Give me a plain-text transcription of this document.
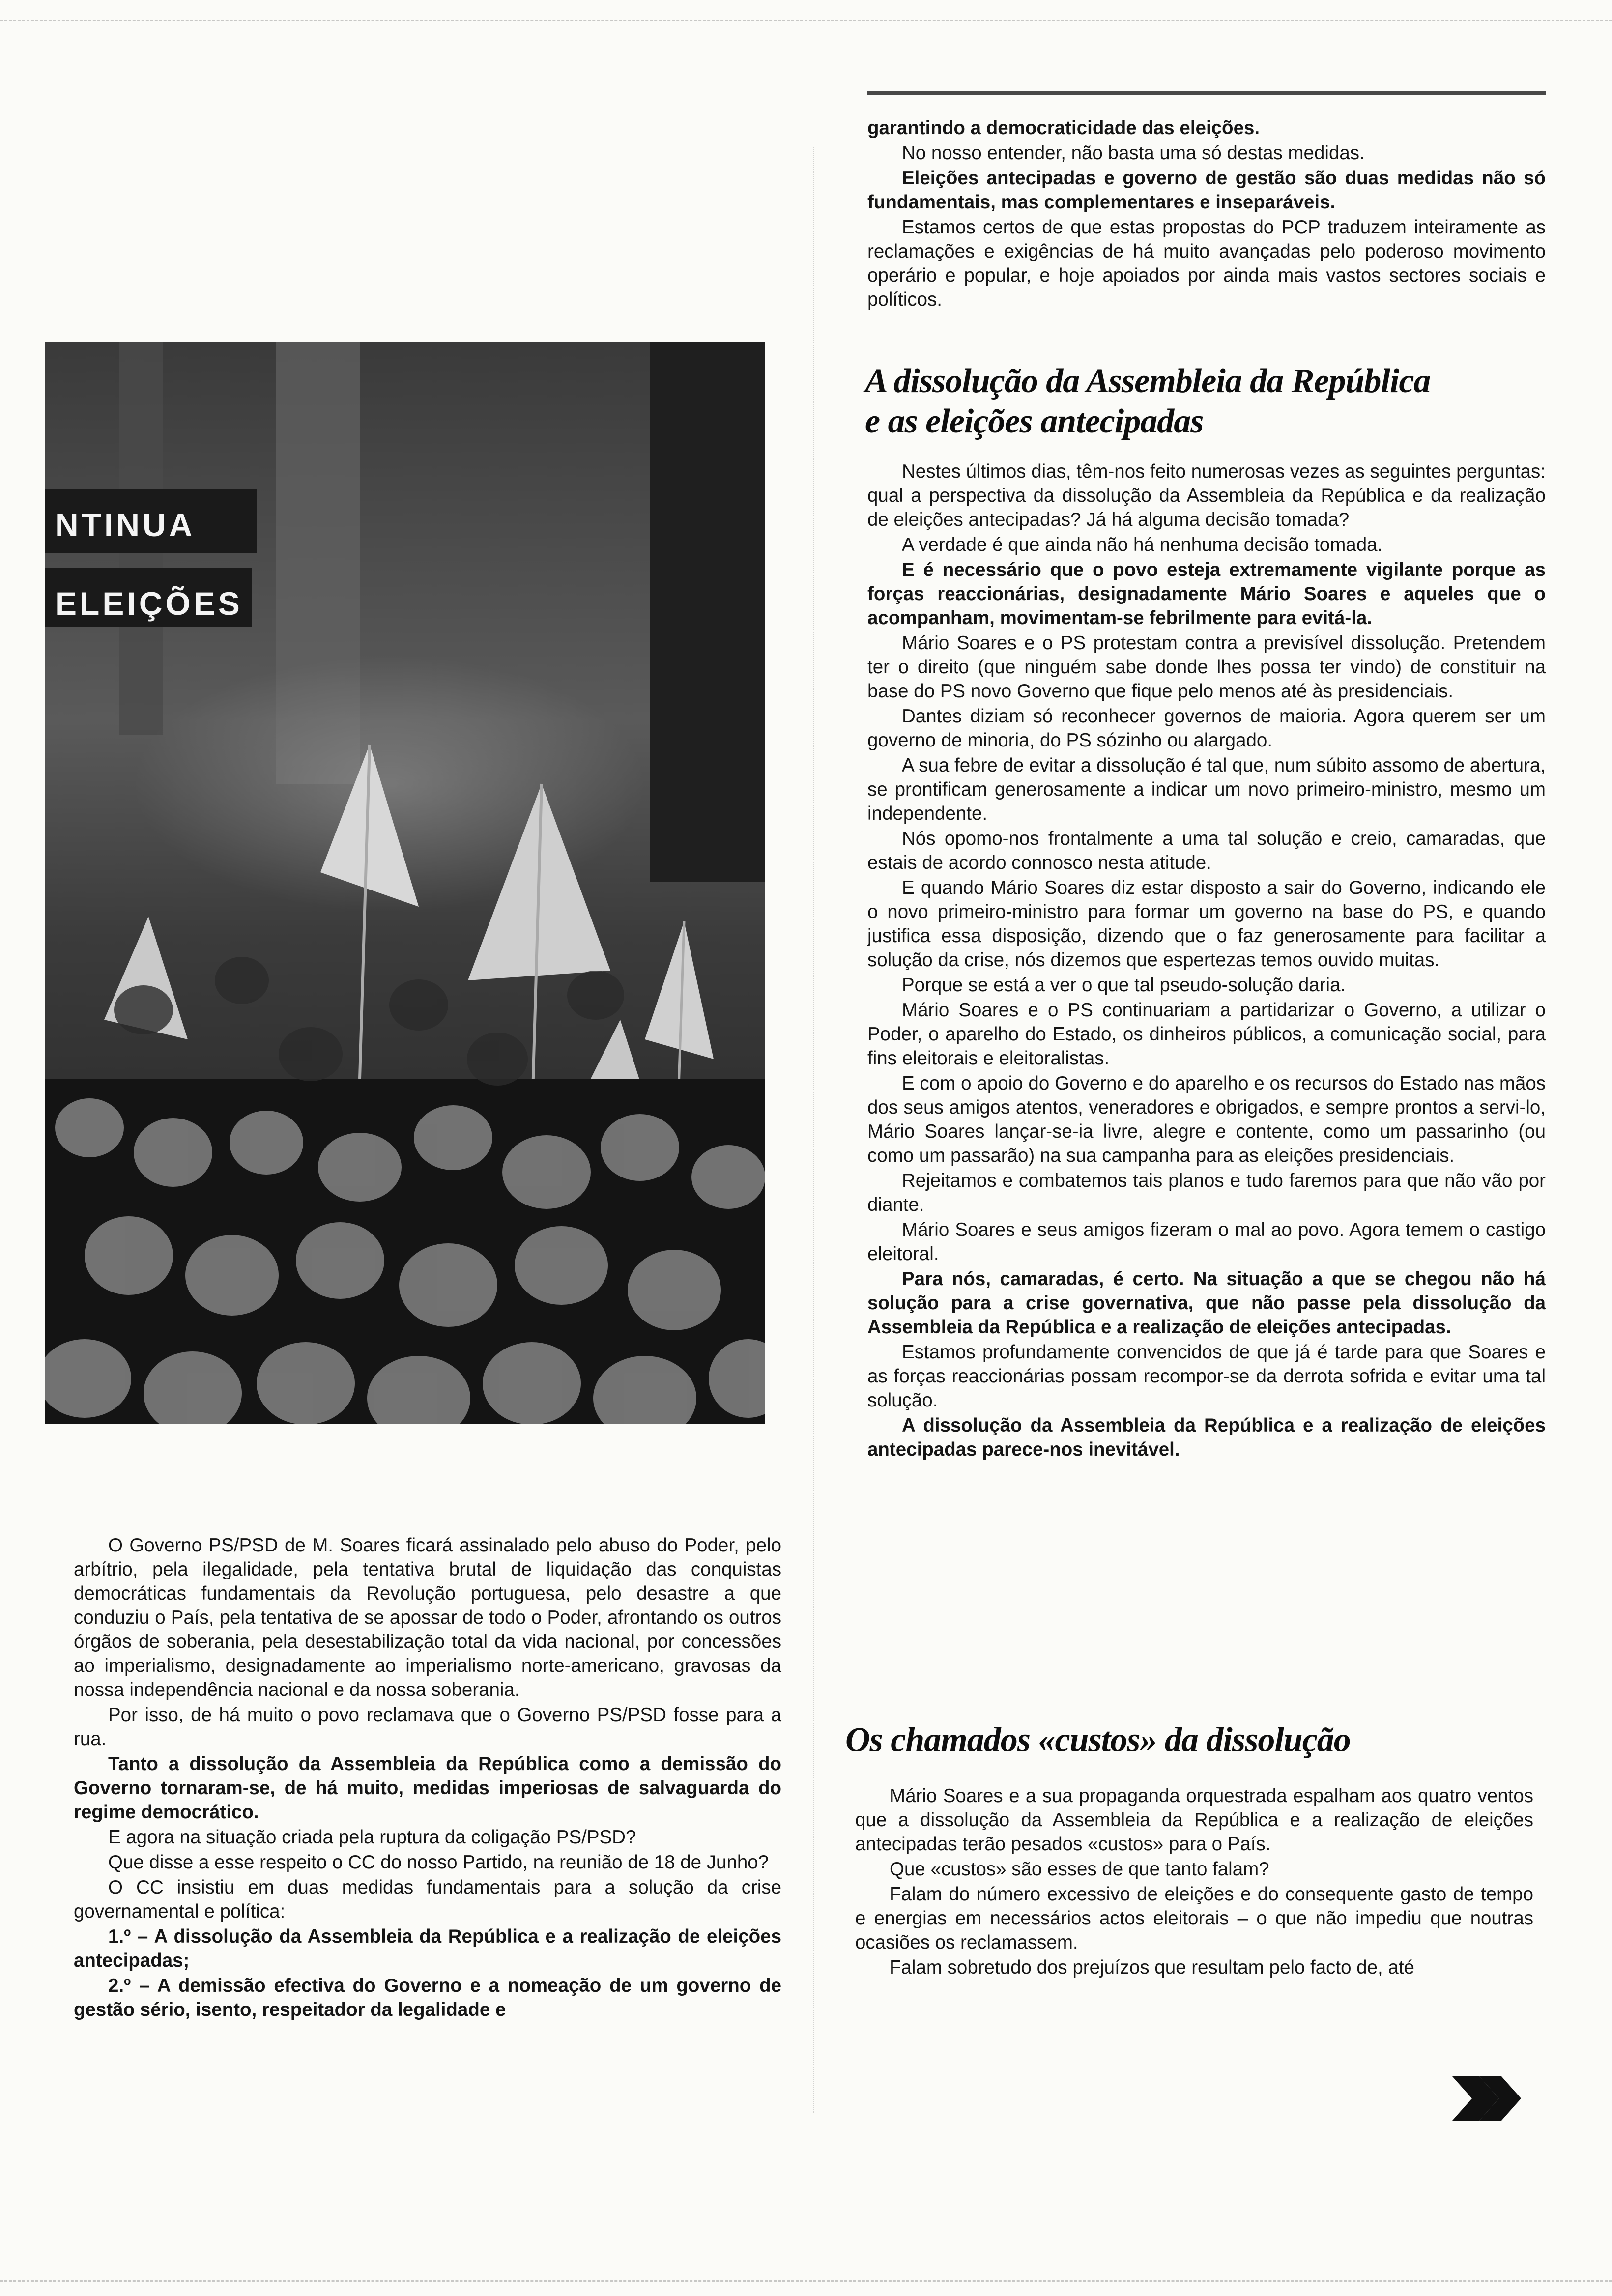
NTINUA
ELEIÇÕES

garantindo a democraticidade das eleições.

No nosso entender, não basta uma só destas medidas.

Eleições antecipadas e governo de gestão são duas medidas não só fundamentais, mas complementares e inseparáveis.

Estamos certos de que estas propostas do PCP traduzem inteiramente as reclamações e exigências de há muito avançadas pelo poderoso movimento operário e popular, e hoje apoiados por ainda mais vastos sectores sociais e políticos.

A dissolução da Assembleia da República
e as eleições antecipadas

Nestes últimos dias, têm-nos feito numerosas vezes as seguintes perguntas: qual a perspectiva da dissolução da Assembleia da República e da realização de eleições antecipadas? Já há alguma decisão tomada?

A verdade é que ainda não há nenhuma decisão tomada.

E é necessário que o povo esteja extremamente vigilante porque as forças reaccionárias, designadamente Mário Soares e aqueles que o acompanham, movimentam-se febrilmente para evitá-la.

Mário Soares e o PS protestam contra a previsível dissolução. Pretendem ter o direito (que ninguém sabe donde lhes possa ter vindo) de constituir na base do PS novo Governo que fique pelo menos até às presidenciais.

Dantes diziam só reconhecer governos de maioria. Agora querem ser um governo de minoria, do PS sózinho ou alargado.

A sua febre de evitar a dissolução é tal que, num súbito assomo de abertura, se prontificam generosamente a indicar um novo primeiro-ministro, mesmo um independente.

Nós opomo-nos frontalmente a uma tal solução e creio, camaradas, que estais de acordo connosco nesta atitude.

E quando Mário Soares diz estar disposto a sair do Governo, indicando ele o novo primeiro-ministro para formar um governo na base do PS, e quando justifica essa disposição, dizendo que o faz generosamente para facilitar a solução da crise, nós dizemos que espertezas temos ouvido muitas.

Porque se está a ver o que tal pseudo-solução daria.

Mário Soares e o PS continuariam a partidarizar o Governo, a utilizar o Poder, o aparelho do Estado, os dinheiros públicos, a comunicação social, para fins eleitorais e eleitoralistas.

E com o apoio do Governo e do aparelho e os recursos do Estado nas mãos dos seus amigos atentos, veneradores e obrigados, e sempre prontos a servi-lo, Mário Soares lançar-se-ia livre, alegre e contente, como um passarinho (ou como um passarão) na sua campanha para as eleições presidenciais.

Rejeitamos e combatemos tais planos e tudo faremos para que não vão por diante.

Mário Soares e seus amigos fizeram o mal ao povo. Agora temem o castigo eleitoral.

Para nós, camaradas, é certo. Na situação a que se chegou não há solução para a crise governativa, que não passe pela dissolução da Assembleia da República e a realização de eleições antecipadas.

Estamos profundamente convencidos de que já é tarde para que Soares e as forças reaccionárias possam recompor-se da derrota sofrida e evitar uma tal solução.

A dissolução da Assembleia da República e a realização de eleições antecipadas parece-nos inevitável.

Os chamados «custos» da dissolução

Mário Soares e a sua propaganda orquestrada espalham aos quatro ventos que a dissolução da Assembleia da República e a realização de eleições antecipadas terão pesados «custos» para o País.

Que «custos» são esses de que tanto falam?

Falam do número excessivo de eleições e do consequente gasto de tempo e energias em necessários actos eleitorais – o que não impediu que noutras ocasiões os reclamassem.

Falam sobretudo dos prejuízos que resultam pelo facto de, até

O Governo PS/PSD de M. Soares ficará assinalado pelo abuso do Poder, pelo arbítrio, pela ilegalidade, pela tentativa brutal de liquidação das conquistas democráticas fundamentais da Revolução portuguesa, pelo desastre a que conduziu o País, pela tentativa de se apossar de todo o Poder, afrontando os outros órgãos de soberania, pela desestabilização total da vida nacional, por concessões ao imperialismo, designadamente ao imperialismo norte-americano, gravosas da nossa independência nacional e da nossa soberania.

Por isso, de há muito o povo reclamava que o Governo PS/PSD fosse para a rua.

Tanto a dissolução da Assembleia da República como a demissão do Governo tornaram-se, de há muito, medidas imperiosas de salvaguarda do regime democrático.

E agora na situação criada pela ruptura da coligação PS/PSD?

Que disse a esse respeito o CC do nosso Partido, na reunião de 18 de Junho?

O CC insistiu em duas medidas fundamentais para a solução da crise governamental e política:

1.º – A dissolução da Assembleia da República e a realização de eleições antecipadas;

2.º – A demissão efectiva do Governo e a nomeação de um governo de gestão sério, isento, respeitador da legalidade e
